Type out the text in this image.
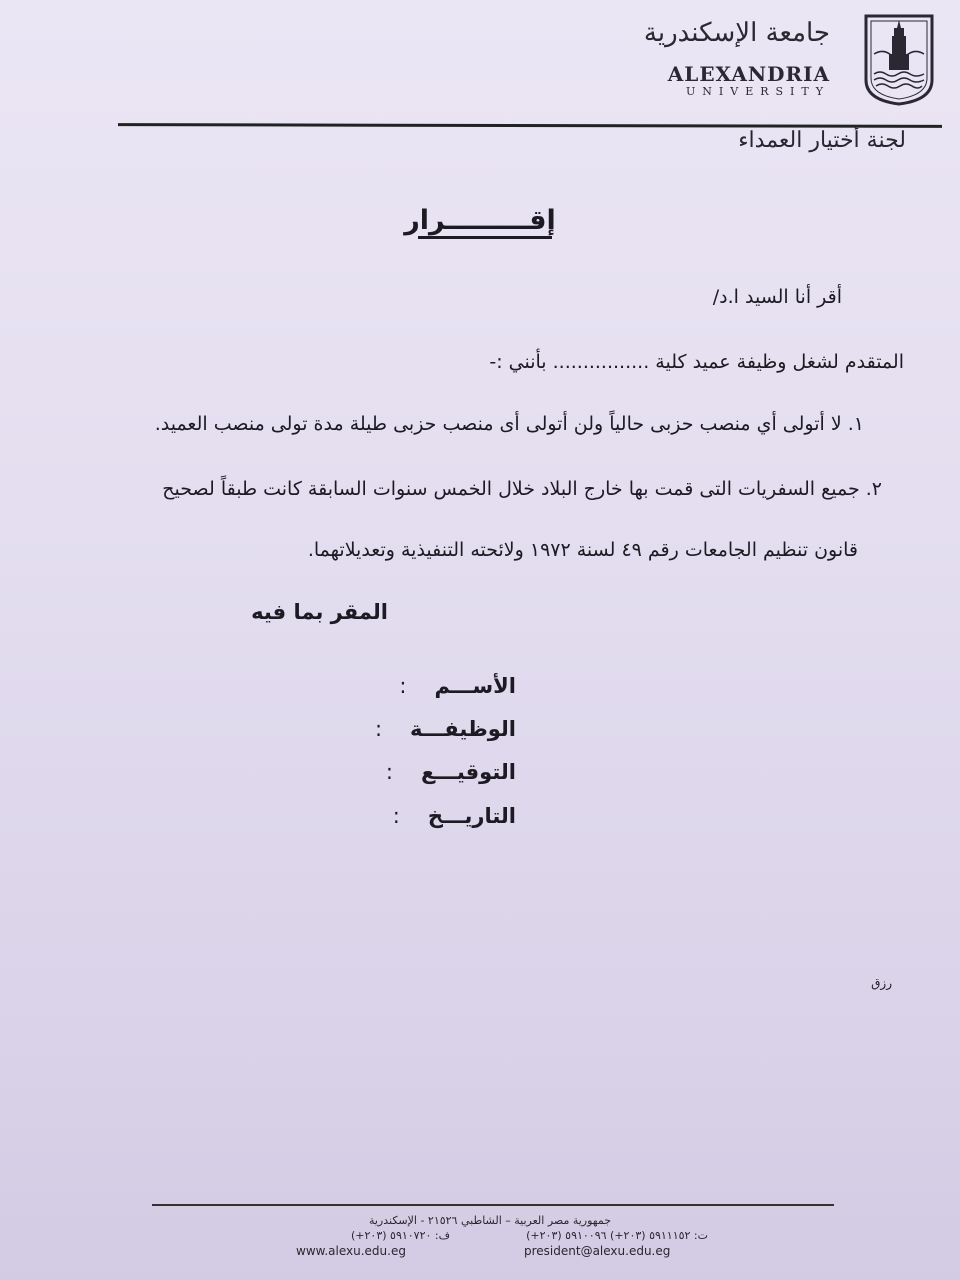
جامعة الإسكندرية
ALEXANDRIA
UNIVERSITY
لجنة أختيار العمداء
إقـــــــــرار
أقر أنا السيد ا.د/
المتقدم لشغل وظيفة عميد كلية ................ بأنني :-
١. لا أتولى أي منصب حزبى حالياً ولن أتولى أى منصب حزبى طيلة مدة تولى منصب العميد.
٢. جميع السفريات التى قمت بها خارج البلاد خلال الخمس سنوات السابقة كانت طبقاً لصحيح
قانون تنظيم الجامعات رقم ٤٩ لسنة ١٩٧٢ ولائحته التنفيذية وتعديلاتهما.
المقر بما فيه
الأســـم:
الوظيفـــة:
التوقيـــع:
التاريـــخ:
رزق
جمهورية مصر العربية – الشاطبي ٢١٥٢٦ - الإسكندرية
ت: ٥٩١١١٥٢ (٢٠٣+) ٥٩١٠٠٩٦ (٢٠٣+)
ف: ٥٩١٠٧٢٠ (٢٠٣+)
www.alexu.edu.eg	president@alexu.edu.eg
